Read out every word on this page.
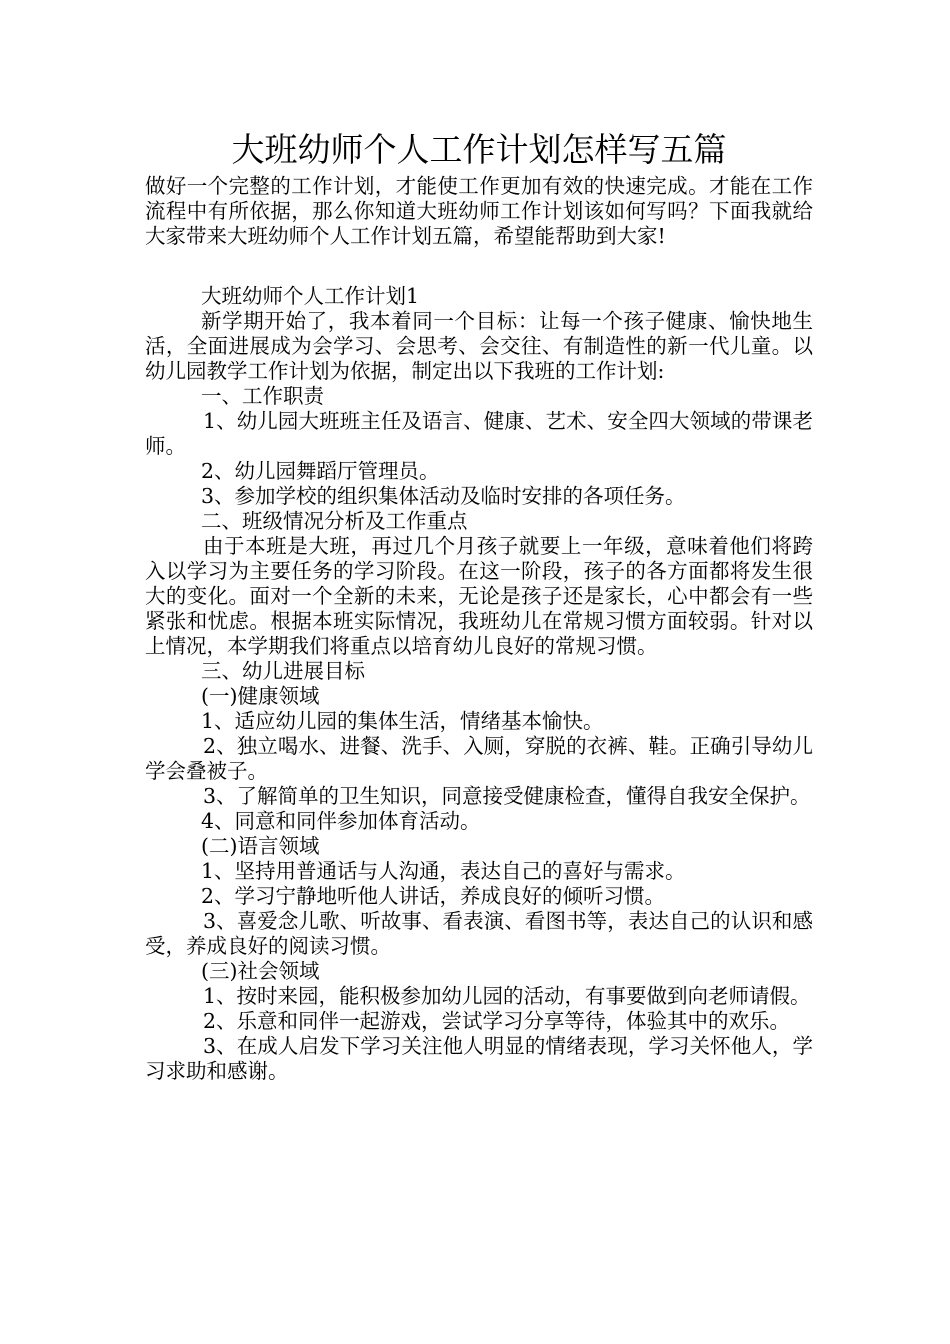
大班幼师个人工作计划怎样写五篇

做好一个完整的工作计划，才能使工作更加有效的快速完成。才能在工作流程中有所依据，那么你知道大班幼师工作计划该如何写吗？下面我就给大家带来大班幼师个人工作计划五篇，希望能帮助到大家!

大班幼师个人工作计划1

新学期开始了，我本着同一个目标：让每一个孩子健康、愉快地生活，全面进展成为会学习、会思考、会交往、有制造性的新一代儿童。以幼儿园教学工作计划为依据，制定出以下我班的工作计划:

一、工作职责

1、幼儿园大班班主任及语言、健康、艺术、安全四大领域的带课老师。

2、幼儿园舞蹈厅管理员。

3、参加学校的组织集体活动及临时安排的各项任务。

二、班级情况分析及工作重点

由于本班是大班，再过几个月孩子就要上一年级，意味着他们将跨入以学习为主要任务的学习阶段。在这一阶段，孩子的各方面都将发生很大的变化。面对一个全新的未来，无论是孩子还是家长，心中都会有一些紧张和忧虑。根据本班实际情况，我班幼儿在常规习惯方面较弱。针对以上情况，本学期我们将重点以培育幼儿良好的常规习惯。

三、幼儿进展目标

(一)健康领域

1、适应幼儿园的集体生活，情绪基本愉快。

2、独立喝水、进餐、洗手、入厕，穿脱的衣裤、鞋。正确引导幼儿学会叠被子。

3、了解简单的卫生知识，同意接受健康检查，懂得自我安全保护。

4、同意和同伴参加体育活动。

(二)语言领域

1、坚持用普通话与人沟通，表达自己的喜好与需求。

2、学习宁静地听他人讲话，养成良好的倾听习惯。

3、喜爱念儿歌、听故事、看表演、看图书等，表达自己的认识和感受，养成良好的阅读习惯。

(三)社会领域

1、按时来园，能积极参加幼儿园的活动，有事要做到向老师请假。

2、乐意和同伴一起游戏，尝试学习分享等待，体验其中的欢乐。

3、在成人启发下学习关注他人明显的情绪表现，学习关怀他人，学习求助和感谢。
